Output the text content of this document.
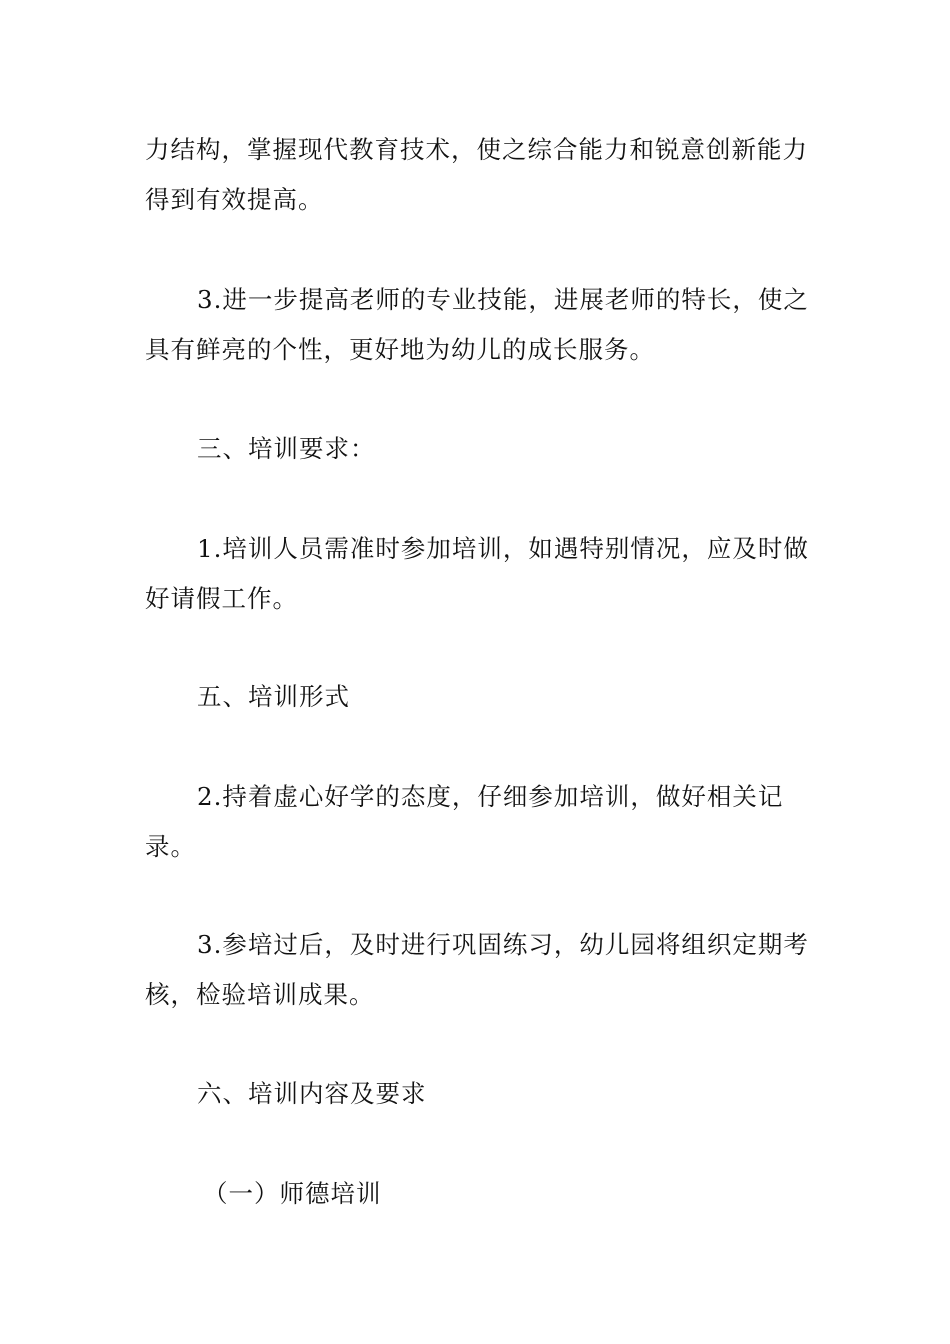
力结构，掌握现代教育技术，使之综合能力和锐意创新能力得到有效提高。

3.进一步提高老师的专业技能，进展老师的特长，使之具有鲜亮的个性，更好地为幼儿的成长服务。

三、培训要求：

1.培训人员需准时参加培训，如遇特别情况，应及时做好请假工作。

五、培训形式

2.持着虚心好学的态度，仔细参加培训，做好相关记录。

3.参培过后，及时进行巩固练习，幼儿园将组织定期考核，检验培训成果。

六、培训内容及要求

（一）师德培训
